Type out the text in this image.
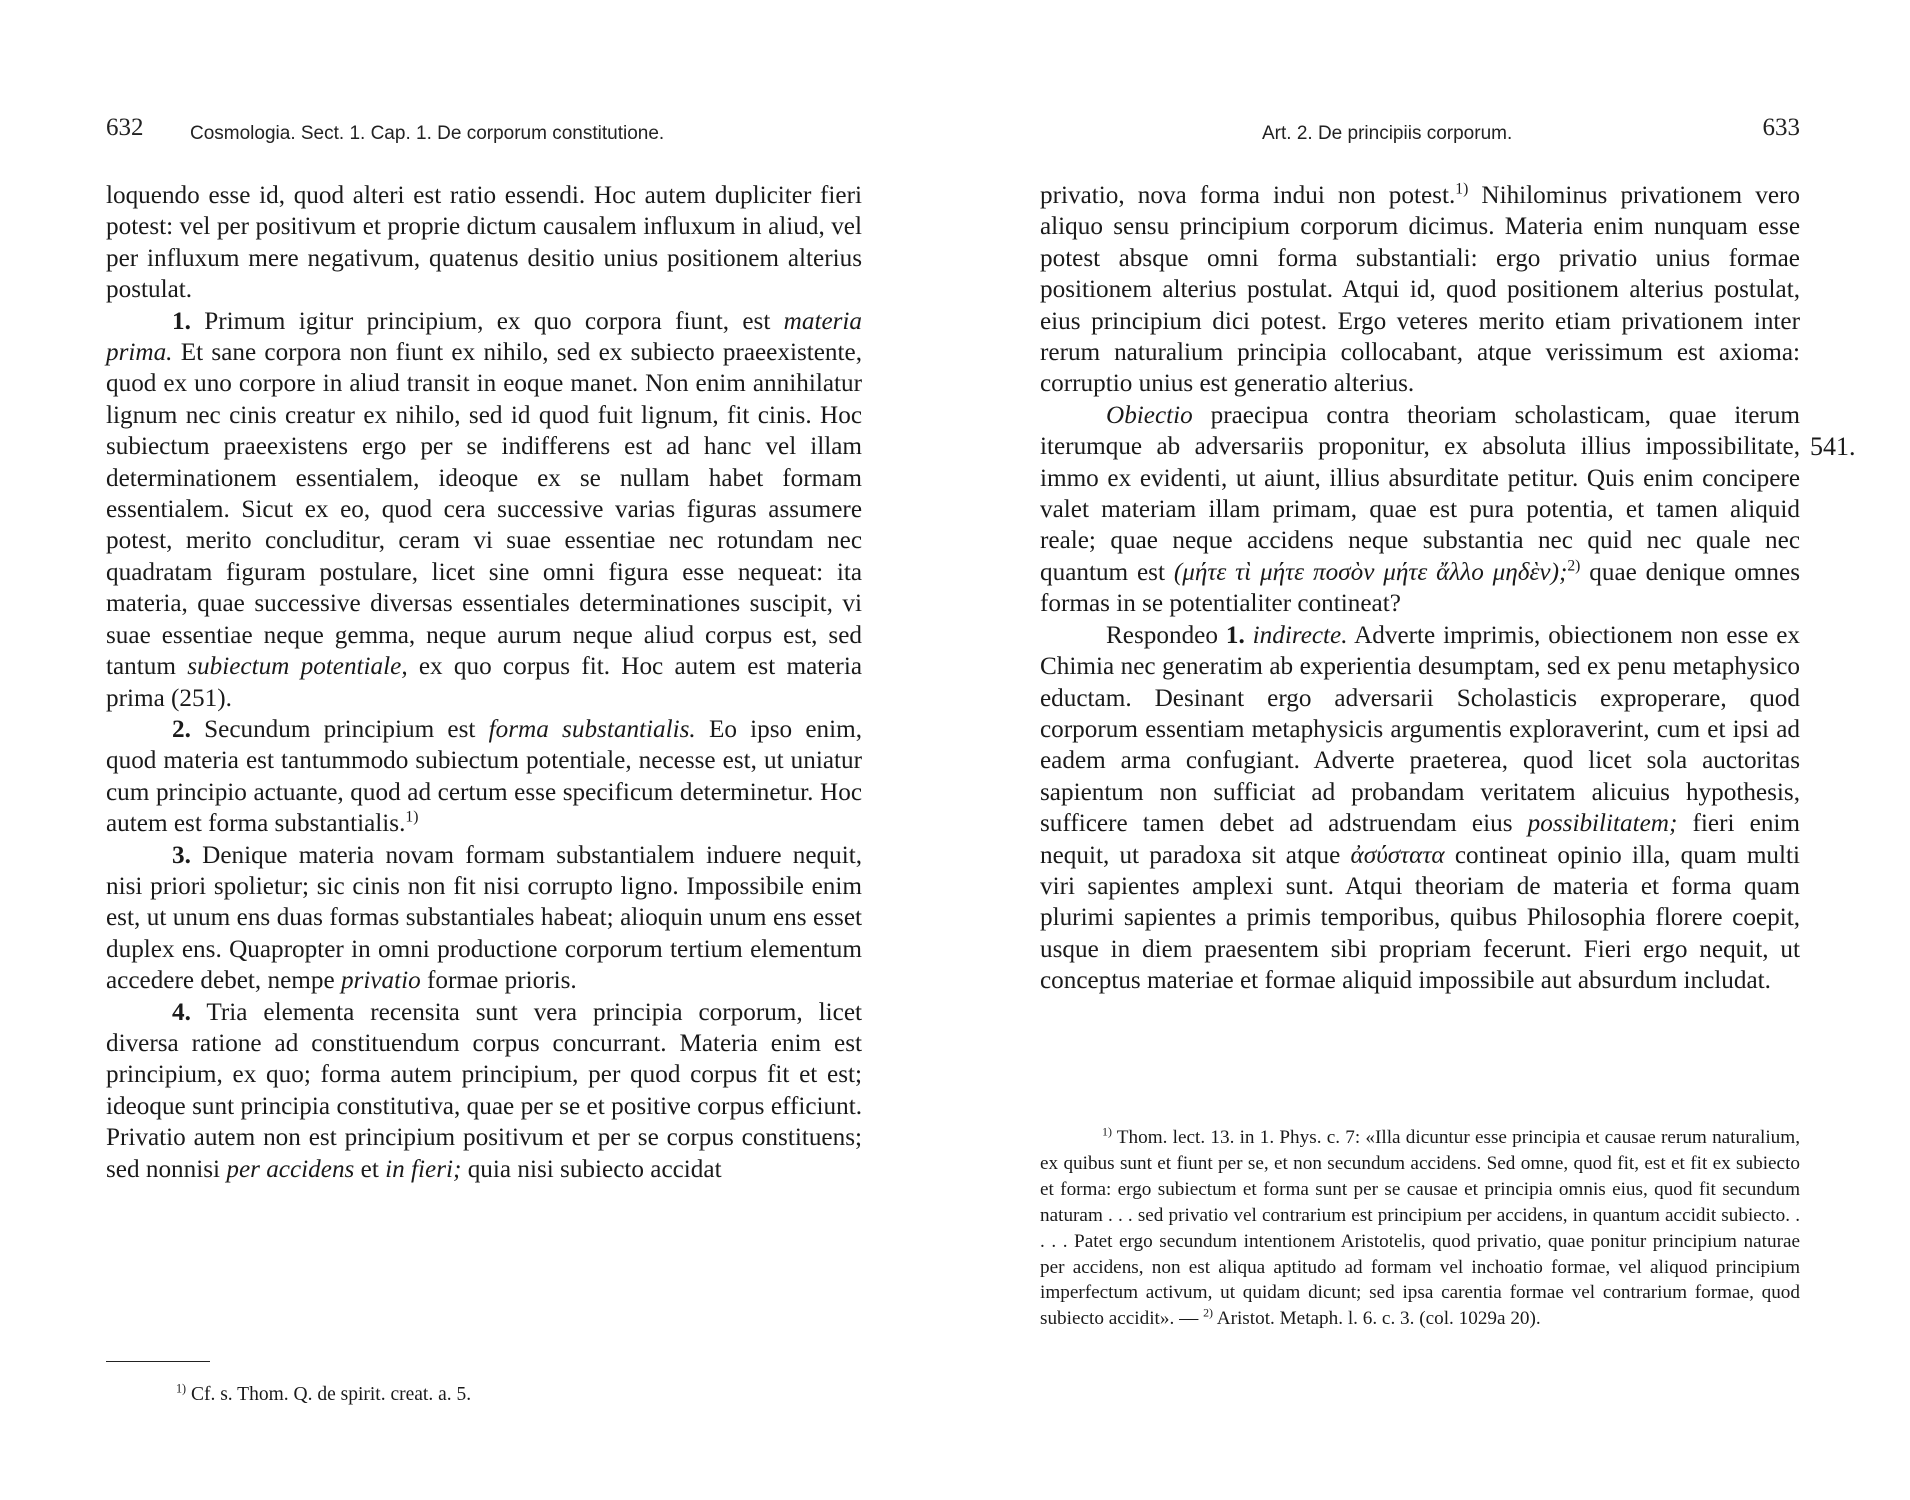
632 Cosmologia. Sect. 1. Cap. 1. De corporum constitutione.

loquendo esse id, quod alteri est ratio essendi. Hoc autem dupliciter fieri potest: vel per positivum et proprie dictum causalem influxum in aliud, vel per influxum mere negativum, quatenus desitio unius positionem alterius postulat.

1. Primum igitur principium, ex quo corpora fiunt, est materia prima. Et sane corpora non fiunt ex nihilo, sed ex subiecto praeexistente, quod ex uno corpore in aliud transit in eoque manet. Non enim annihilatur lignum nec cinis creatur ex nihilo, sed id quod fuit lignum, fit cinis. Hoc subiectum praeexistens ergo per se indifferens est ad hanc vel illam determinationem essentialem, ideoque ex se nullam habet formam essentialem. Sicut ex eo, quod cera successive varias figuras assumere potest, merito concluditur, ceram vi suae essentiae nec rotundam nec quadratam figuram postulare, licet sine omni figura esse nequeat: ita materia, quae successive diversas essentiales determinationes suscipit, vi suae essentiae neque gemma, neque aurum neque aliud corpus est, sed tantum subiectum potentiale, ex quo corpus fit. Hoc autem est materia prima (251).

2. Secundum principium est forma substantialis. Eo ipso enim, quod materia est tantummodo subiectum potentiale, necesse est, ut uniatur cum principio actuante, quod ad certum esse specificum determinetur. Hoc autem est forma substantialis.$^{1)}$

3. Denique materia novam formam substantialem induere nequit, nisi priori spolietur; sic cinis non fit nisi corrupto ligno. Impossibile enim est, ut unum ens duas formas substantiales habeat; alioquin unum ens esset duplex ens. Quapropter in omni productione corporum tertium elementum accedere debet, nempe privatio formae prioris.

4. Tria elementa recensita sunt vera principia corporum, licet diversa ratione ad constituendum corpus concurrant. Materia enim est principium, ex quo; forma autem principium, per quod corpus fit et est; ideoque sunt principia constitutiva, quae per se et positive corpus efficiunt. Privatio autem non est principium positivum et per se corpus constituens; sed nonnisi per accidens et in fieri; quia nisi subiecto accidat

$^{1)}$ Cf. s. Thom. Q. de spirit. creat. a. 5.
Art. 2. De principiis corporum.	633

privatio, nova forma indui non potest.$^{1)}$ Nihilominus privationem vero aliquo sensu principium corporum dicimus. Materia enim nunquam esse potest absque omni forma substantiali: ergo privatio unius formae positionem alterius postulat. Atqui id, quod positionem alterius postulat, eius principium dici potest. Ergo veteres merito etiam privationem inter rerum naturalium principia collocabant, atque verissimum est axioma: corruptio unius est generatio alterius.

Obiectio praecipua contra theoriam scholasticam, quae iterum iterumque ab adversariis proponitur, ex absoluta illius impossibilitate, immo ex evidenti, ut aiunt, illius absurditate petitur. Quis enim concipere valet materiam illam primam, quae est pura potentia, et tamen aliquid reale; quae neque accidens neque substantia nec quid nec quale nec quantum est (μήτε τὶ μήτε ποσὸν μήτε ἄλλο μηδὲν);$^{2)}$ quae denique omnes formas in se potentialiter contineat?

Respondeo 1. indirecte. Adverte imprimis, obiectionem non esse ex Chimia nec generatim ab experientia desumptam, sed ex penu metaphysico eductam. Desinant ergo adversarii Scholasticis exproperare, quod corporum essentiam metaphysicis argumentis exploraverint, cum et ipsi ad eadem arma confugiant. Adverte praeterea, quod licet sola auctoritas sapientum non sufficiat ad probandam veritatem alicuius hypothesis, sufficere tamen debet ad adstruendam eius possibilitatem; fieri enim nequit, ut paradoxa sit atque ἀσύστατα contineat opinio illa, quam multi viri sapientes amplexi sunt. Atqui theoriam de materia et forma quam plurimi sapientes a primis temporibus, quibus Philosophia florere coepit, usque in diem praesentem sibi propriam fecerunt. Fieri ergo nequit, ut conceptus materiae et formae aliquid impossibile aut absurdum includat.

$^{1)}$ Thom. lect. 13. in 1. Phys. c. 7: «Illa dicuntur esse principia et causae rerum naturalium, ex quibus sunt et fiunt per se, et non secundum accidens. Sed omne, quod fit, est et fit ex subiecto et forma: ergo subiectum et forma sunt per se causae et principia omnis eius, quod fit secundum naturam . . . sed privatio vel contrarium est principium per accidens, in quantum accidit subiecto. . . . . Patet ergo secundum intentionem Aristotelis, quod privatio, quae ponitur principium naturae per accidens, non est aliqua aptitudo ad formam vel inchoatio formae, vel aliquod principium imperfectum activum, ut quidam dicunt; sed ipsa carentia formae vel contrarium formae, quod subiecto accidit». — $^{2)}$ Aristot. Metaph. l. 6. c. 3. (col. 1029a 20).

541.
